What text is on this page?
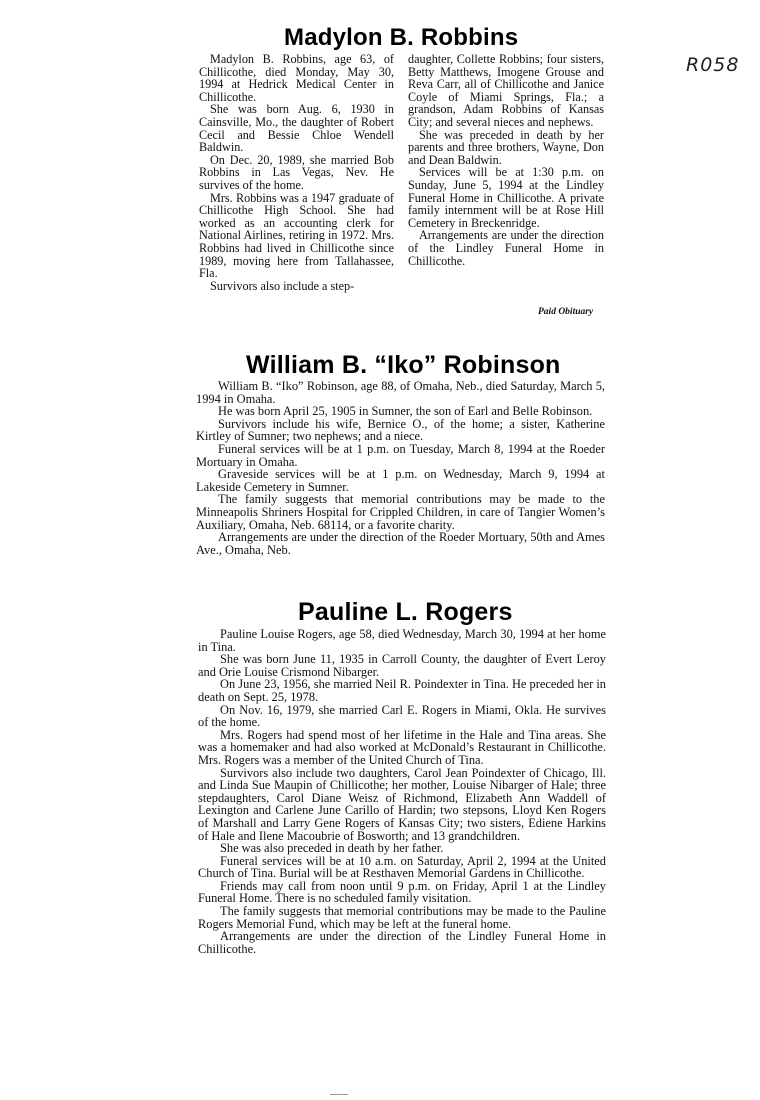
R058
Madylon B. Robbins

Madylon B. Robbins, age 63, of Chillicothe, died Monday, May 30, 1994 at Hedrick Medical Center in Chillicothe.

She was born Aug. 6, 1930 in Cainsville, Mo., the daughter of Robert Cecil and Bessie Chloe Wendell Baldwin.

On Dec. 20, 1989, she married Bob Robbins in Las Vegas, Nev. He survives of the home.

Mrs. Robbins was a 1947 graduate of Chillicothe High School. She had worked as an accounting clerk for National Airlines, retiring in 1972. Mrs. Robbins had lived in Chillicothe since 1989, moving here from Tallahassee, Fla.

Survivors also include a step-

daughter, Collette Robbins; four sisters, Betty Matthews, Imogene Grouse and Reva Carr, all of Chillicothe and Janice Coyle of Miami Springs, Fla.; a grandson, Adam Robbins of Kansas City; and several nieces and nephews.

She was preceded in death by her parents and three brothers, Wayne, Don and Dean Baldwin.

Services will be at 1:30 p.m. on Sunday, June 5, 1994 at the Lindley Funeral Home in Chillicothe. A private family internment will be at Rose Hill Cemetery in Breckenridge.

Arrangements are under the direction of the Lindley Funeral Home in Chillicothe.

Paid Obituary
William B. “Iko” Robinson

William B. “Iko” Robinson, age 88, of Omaha, Neb., died Saturday, March 5, 1994 in Omaha.

He was born April 25, 1905 in Sumner, the son of Earl and Belle Robinson.

Survivors include his wife, Bernice O., of the home; a sister, Katherine Kirtley of Sumner; two nephews; and a niece.

Funeral services will be at 1 p.m. on Tuesday, March 8, 1994 at the Roeder Mortuary in Omaha.

Graveside services will be at 1 p.m. on Wednesday, March 9, 1994 at Lakeside Cemetery in Sumner.

The family suggests that memorial contributions may be made to the Minneapolis Shriners Hospital for Crippled Children, in care of Tangier Women’s Auxiliary, Omaha, Neb. 68114, or a favorite charity.

Arrangements are under the direction of the Roeder Mortuary, 50th and Ames Ave., Omaha, Neb.

Pauline L. Rogers

Pauline Louise Rogers, age 58, died Wednesday, March 30, 1994 at her home in Tina.

She was born June 11, 1935 in Carroll County, the daughter of Evert Leroy and Orie Louise Crismond Nibarger.

On June 23, 1956, she married Neil R. Poindexter in Tina. He preceded her in death on Sept. 25, 1978.

On Nov. 16, 1979, she married Carl E. Rogers in Miami, Okla. He survives of the home.

Mrs. Rogers had spend most of her lifetime in the Hale and Tina areas. She was a homemaker and had also worked at McDonald’s Restaurant in Chillicothe. Mrs. Rogers was a member of the United Church of Tina.

Survivors also include two daughters, Carol Jean Poindexter of Chicago, Ill. and Linda Sue Maupin of Chillicothe; her mother, Louise Nibarger of Hale; three stepdaughters, Carol Diane Weisz of Richmond, Elizabeth Ann Waddell of Lexington and Carlene June Carillo of Hardin; two stepsons, Lloyd Ken Rogers of Marshall and Larry Gene Rogers of Kansas City; two sisters, Ediene Harkins of Hale and Ilene Macoubrie of Bosworth; and 13 grandchildren.

She was also preceded in death by her father.

Funeral services will be at 10 a.m. on Saturday, April 2, 1994 at the United Church of Tina. Burial will be at Resthaven Memorial Gardens in Chillicothe.

Friends may call from noon until 9 p.m. on Friday, April 1 at the Lindley Funeral Home. There is no scheduled family visitation.

The family suggests that memorial contributions may be made to the Pauline Rogers Memorial Fund, which may be left at the funeral home.

Arrangements are under the direction of the Lindley Funeral Home in Chillicothe.
